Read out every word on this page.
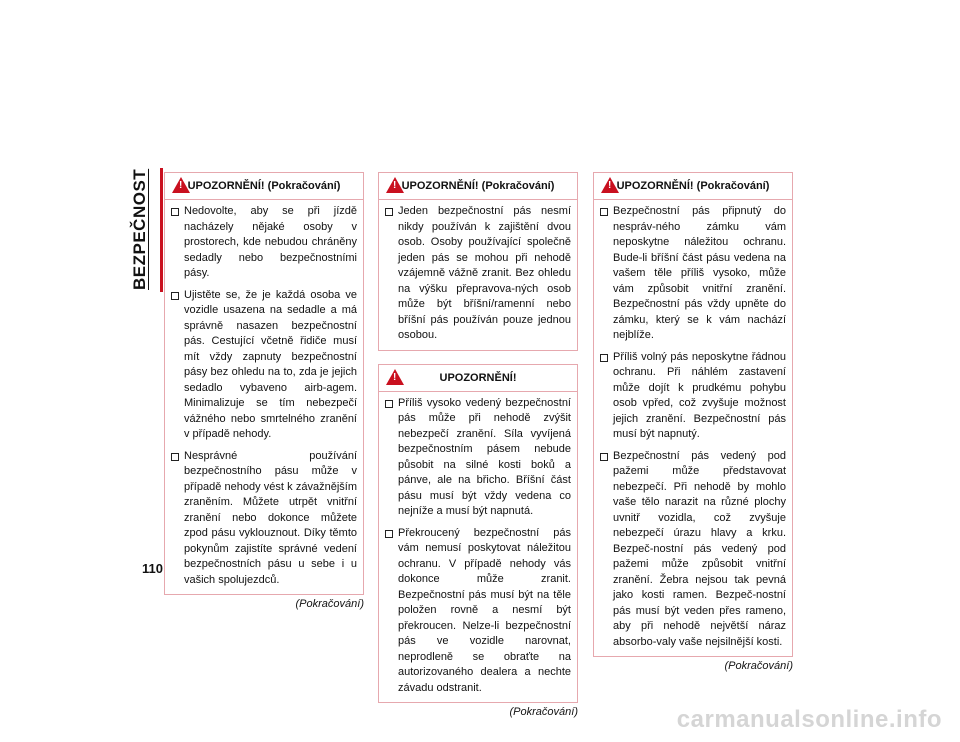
BEZPEČNOST
110
! UPOZORNĚNÍ! (Pokračování)
Nedovolte, aby se při jízdě nacházely nějaké osoby v prostorech, kde nebudou chráněny sedadly nebo bezpečnostními pásy.
Ujistěte se, že je každá osoba ve vozidle usazena na sedadle a má správně nasazen bezpečnostní pás. Cestující včetně řidiče musí mít vždy zapnuty bezpečnostní pásy bez ohledu na to, zda je jejich sedadlo vybaveno airb-agem. Minimalizuje se tím nebezpečí vážného nebo smrtelného zranění v případě nehody.
Nesprávné používání bezpečnostního pásu může v případě nehody vést k závažnějším zraněním. Můžete utrpět vnitřní zranění nebo dokonce můžete zpod pásu vyklouznout. Díky těmto pokynům zajistíte správné vedení bezpečnostních pásu u sebe i u vašich spolujezdců.
(Pokračování)
! UPOZORNĚNÍ! (Pokračování)
Jeden bezpečnostní pás nesmí nikdy používán k zajištění dvou osob. Osoby používající společně jeden pás se mohou při nehodě vzájemně vážně zranit. Bez ohledu na výšku přepravova-ných osob může být bříšní/ramenní nebo bříšní pás používán pouze jednou osobou.
!	UPOZORNĚNÍ!
Příliš vysoko vedený bezpečnostní pás může při nehodě zvýšit nebezpečí zranění. Síla vyvíjená bezpečnostním pásem nebude působit na silné kosti boků a pánve, ale na břicho. Bříšní část pásu musí být vždy vedena co nejníže a musí být napnutá.
Překroucený bezpečnostní pás vám nemusí poskytovat náležitou ochranu. V případě nehody vás dokonce může zranit. Bezpečnostní pás musí být na těle položen rovně a nesmí být překroucen. Nelze-li bezpečnostní pás ve vozidle narovnat, neprodleně se obraťte na autorizovaného dealera a nechte závadu odstranit.
(Pokračování)
! UPOZORNĚNÍ! (Pokračování)
Bezpečnostní pás připnutý do nespráv-ného zámku vám neposkytne náležitou ochranu. Bude-li bříšní část pásu vedena na vašem těle příliš vysoko, může vám způsobit vnitřní zranění. Bezpečnostní pás vždy upněte do zámku, který se k vám nachází nejblíže.
Příliš volný pás neposkytne řádnou ochranu. Při náhlém zastavení může dojít k prudkému pohybu osob vpřed, což zvyšuje možnost jejich zranění. Bezpečnostní pás musí být napnutý.
Bezpečnostní pás vedený pod pažemi může představovat nebezpečí. Při nehodě by mohlo vaše tělo narazit na různé plochy uvnitř vozidla, což zvyšuje nebezpečí úrazu hlavy a krku. Bezpeč-nostní pás vedený pod pažemi může způsobit vnitřní zranění. Žebra nejsou tak pevná jako kosti ramen. Bezpeč-nostní pás musí být veden přes rameno, aby při nehodě největší náraz absorbo-valy vaše nejsilnější kosti.
(Pokračování)
carmanualsonline.info
